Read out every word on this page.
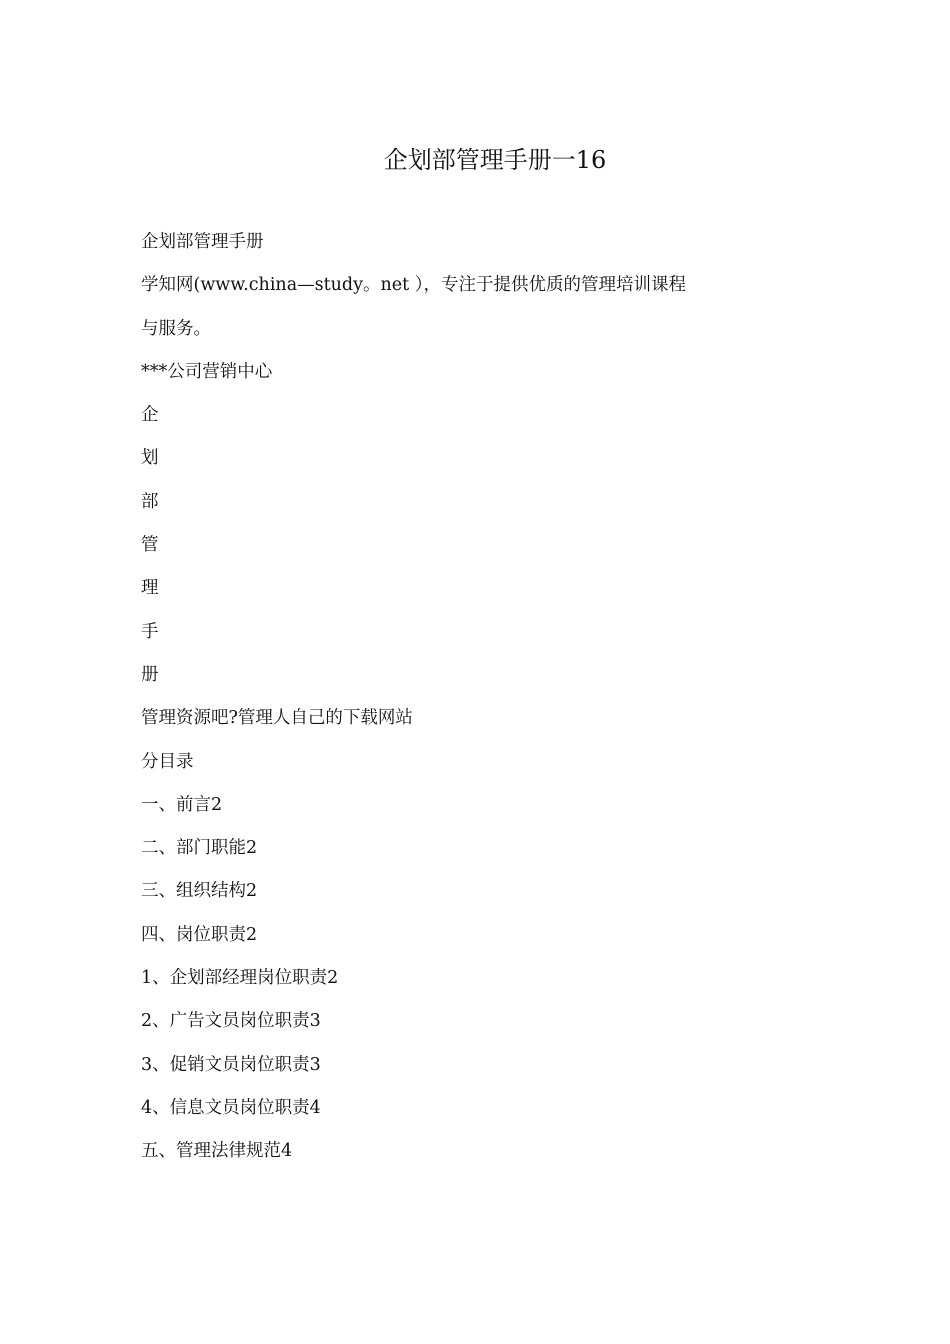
企划部管理手册一16
企划部管理手册
学知网(www.china—study。net ），专注于提供优质的管理培训课程
与服务。
***公司营销中心
企
划
部
管
理
手
册
管理资源吧?管理人自己的下载网站
分目录
一、前言2
二、部门职能2
三、组织结构2
四、岗位职责2
1、企划部经理岗位职责2
2、广告文员岗位职责3
3、促销文员岗位职责3
4、信息文员岗位职责4
五、管理法律规范4
